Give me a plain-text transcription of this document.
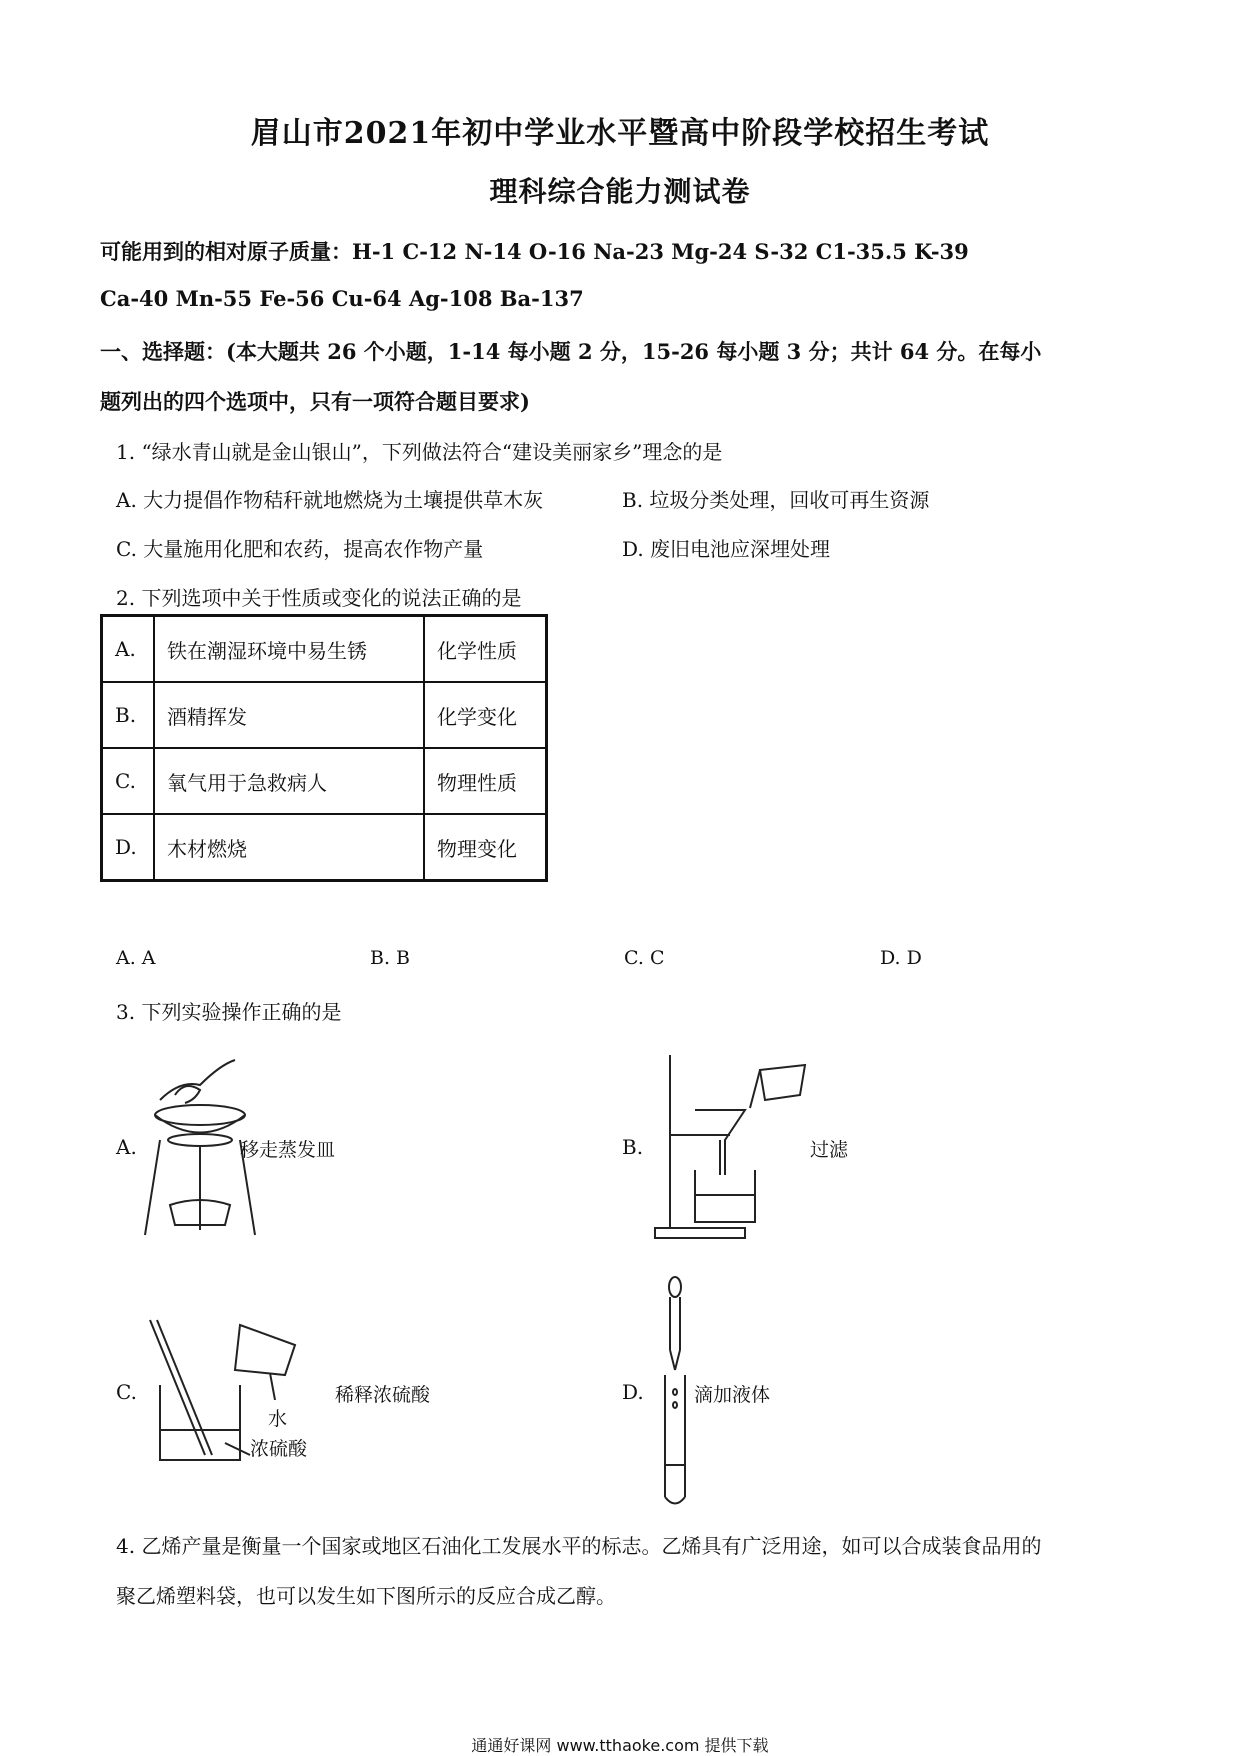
眉山市2021年初中学业水平暨高中阶段学校招生考试
理科综合能力测试卷
可能用到的相对原子质量：H-1 C-12 N-14 O-16 Na-23 Mg-24 S-32 C1-35.5 K-39
Ca-40 Mn-55 Fe-56 Cu-64 Ag-108 Ba-137
一、选择题：(本大题共 26 个小题，1-14 每小题 2 分，15-26 每小题 3 分；共计 64 分。在每小
题列出的四个选项中，只有一项符合题目要求)
1. “绿水青山就是金山银山”，下列做法符合“建设美丽家乡”理念的是
A. 大力提倡作物秸秆就地燃烧为土壤提供草木灰	B. 垃圾分类处理，回收可再生资源
C. 大量施用化肥和农药，提高农作物产量	D. 废旧电池应深埋处理
2. 下列选项中关于性质或变化的说法正确的是
A.	铁在潮湿环境中易生锈	化学性质
B.	酒精挥发	化学变化
C.	氧气用于急救病人	物理性质
D.	木材燃烧	物理变化
A. A	B. B	C. C	D. D
3. 下列实验操作正确的是
A.	移走蒸发皿	B.	过滤
C.
水
浓硫酸
稀释浓硫酸	D.	滴加液体
4. 乙烯产量是衡量一个国家或地区石油化工发展水平的标志。乙烯具有广泛用途，如可以合成装食品用的
聚乙烯塑料袋，也可以发生如下图所示的反应合成乙醇。
通通好课网 www.tthaoke.com 提供下载
